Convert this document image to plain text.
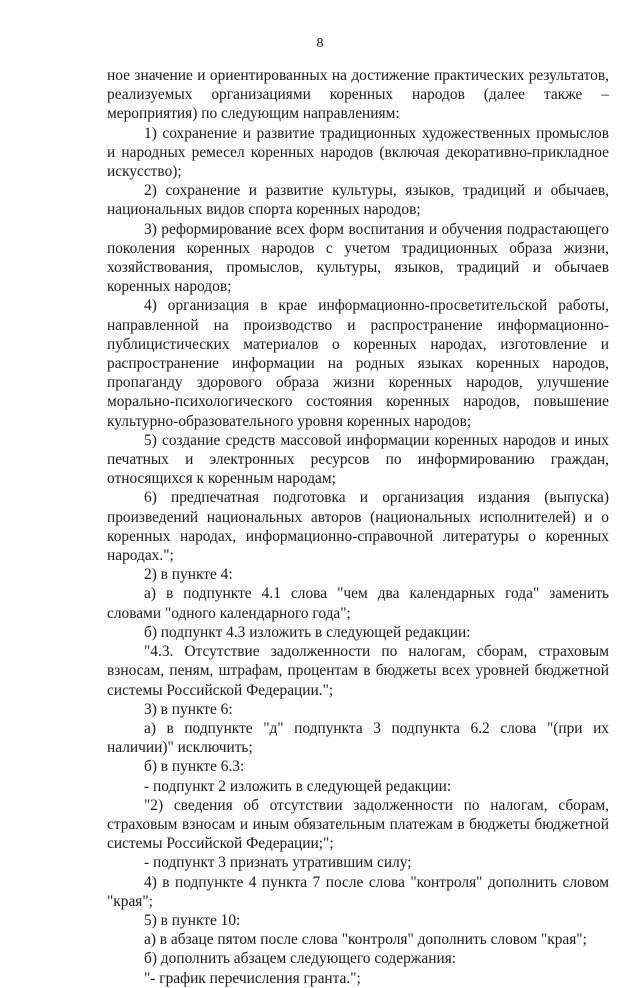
8

ное значение и ориентированных на достижение практических результатов, реализуемых организациями коренных народов (далее также – мероприятия) по следующим направлениям:

1) сохранение и развитие традиционных художественных промыслов и народных ремесел коренных народов (включая декоративно-прикладное искусство);

2) сохранение и развитие культуры, языков, традиций и обычаев, национальных видов спорта коренных народов;

3) реформирование всех форм воспитания и обучения подрастающего поколения коренных народов с учетом традиционных образа жизни, хозяйствования, промыслов, культуры, языков, традиций и обычаев коренных народов;

4) организация в крае информационно-просветительской работы, направленной на производство и распространение информационно-публицистических материалов о коренных народах, изготовление и распространение информации на родных языках коренных народов, пропаганду здорового образа жизни коренных народов, улучшение морально-психологического состояния коренных народов, повышение культурно-образовательного уровня коренных народов;

5) создание средств массовой информации коренных народов и иных печатных и электронных ресурсов по информированию граждан, относящихся к коренным народам;

6) предпечатная подготовка и организация издания (выпуска) произведений национальных авторов (национальных исполнителей) и о коренных народах, информационно-справочной литературы о коренных народах.";

2) в пункте 4:

а) в подпункте 4.1 слова "чем два календарных года" заменить словами "одного календарного года";

б) подпункт 4.3 изложить в следующей редакции:

"4.3. Отсутствие задолженности по налогам, сборам, страховым взносам, пеням, штрафам, процентам в бюджеты всех уровней бюджетной системы Российской Федерации.";

3) в пункте 6:

а) в подпункте "д" подпункта 3 подпункта 6.2 слова "(при их наличии)" исключить;

б) в пункте 6.3:

- подпункт 2 изложить в следующей редакции:

"2) сведения об отсутствии задолженности по налогам, сборам, страховым взносам и иным обязательным платежам в бюджеты бюджетной системы Российской Федерации;";

- подпункт 3 признать утратившим силу;

4) в подпункте 4 пункта 7 после слова "контроля" дополнить словом "края";

5) в пункте 10:

а) в абзаце пятом после слова "контроля" дополнить словом "края";

б) дополнить абзацем следующего содержания:

"- график перечисления гранта.";
